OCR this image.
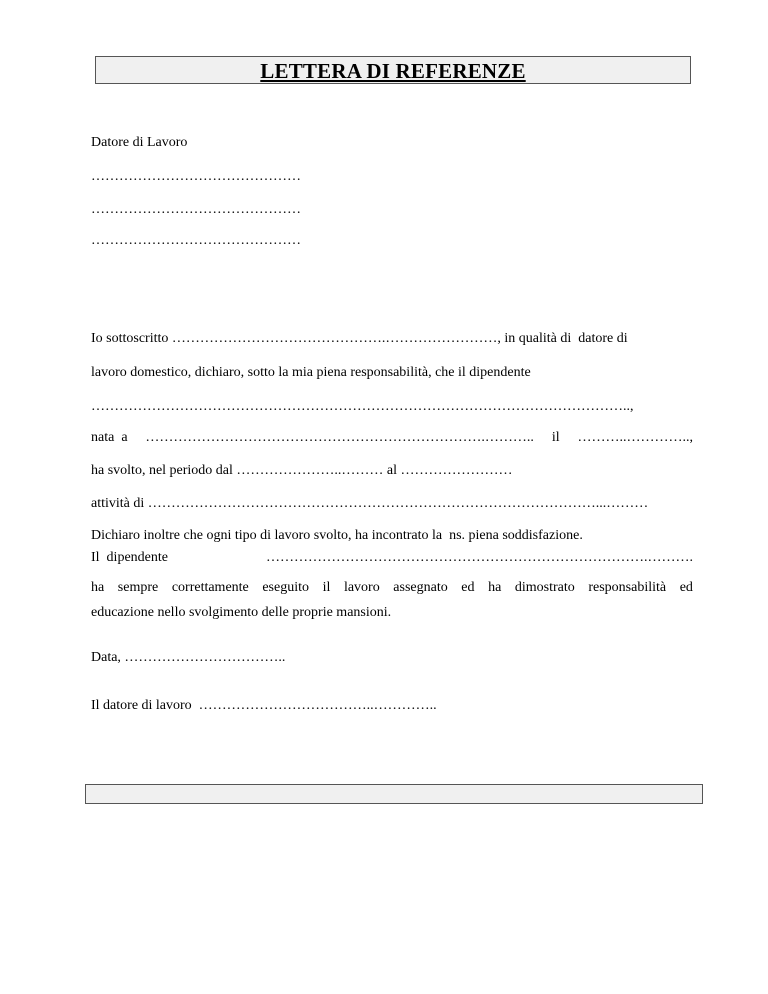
LETTERA DI REFERENZE
Datore di Lavoro
………………………………………
………………………………………
………………………………………
Io sottoscritto ……………………………………….……………………, in qualità di  datore di
lavoro domestico, dichiaro, sotto la mia piena responsabilità, che il dipendente
……………………………………………………………………………………………………..,
nata  a ……………………………………………………………….……….. il ………..…………..,
ha svolto, nel periodo dal …………………..……… al ……………………
attività di ……………………………………………………………………………………...………
Dichiaro inoltre che ogni tipo di lavoro svolto, ha incontrato la  ns. piena soddisfazione.
Il  dipendente	……………………………………………………………………….……….
ha sempre correttamente eseguito il lavoro assegnato ed ha dimostrato responsabilità ed
educazione nello svolgimento delle proprie mansioni.
Data, ……………………………..
Il datore di lavoro  ………………………………..…………..
